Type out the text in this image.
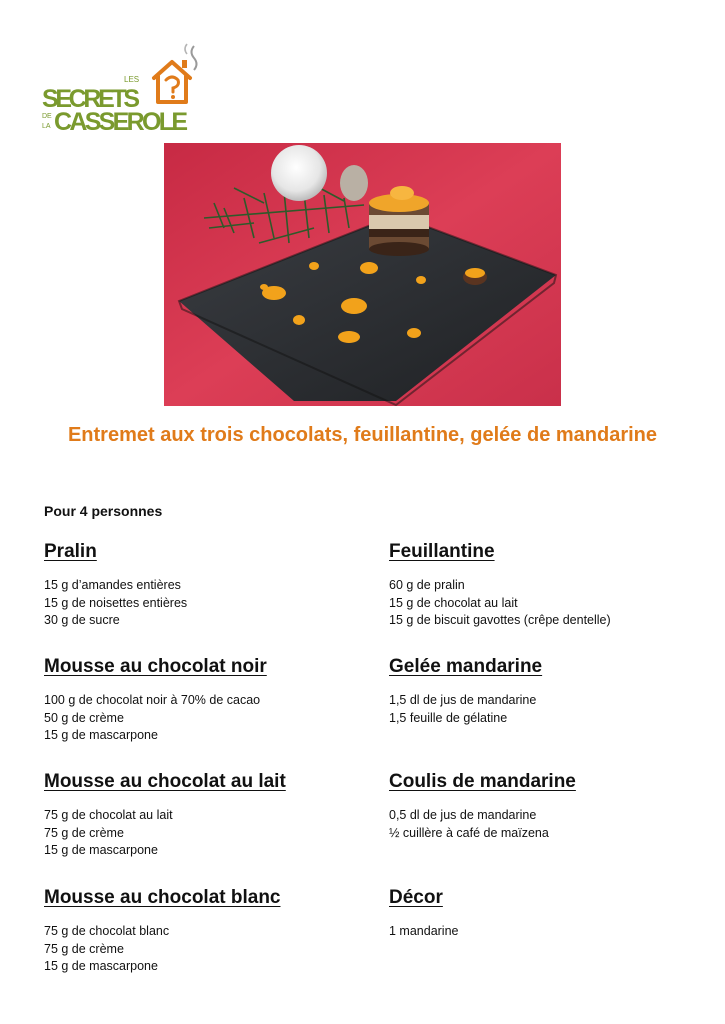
LES
SECRETS
DE
LA CASSEROLE
Entremet aux trois chocolats, feuillantine, gelée de mandarine
Pour 4 personnes
Pralin
15 g d’amandes entières
15 g de noisettes entières
30 g de sucre
Feuillantine
60 g de pralin
15 g de chocolat au lait
15 g de biscuit gavottes (crêpe dentelle)
Mousse au chocolat noir
100 g de chocolat noir à 70% de cacao
50 g de crème
15 g de mascarpone
Gelée mandarine
1,5 dl de jus de mandarine
1,5 feuille de gélatine
Mousse au chocolat au lait
75 g de chocolat au lait
75 g de crème
15 g de mascarpone
Coulis de mandarine
0,5 dl de jus de mandarine
½ cuillère à café de maïzena
Mousse au chocolat blanc
75 g de chocolat blanc
75 g de crème
15 g de mascarpone
Décor
1 mandarine
